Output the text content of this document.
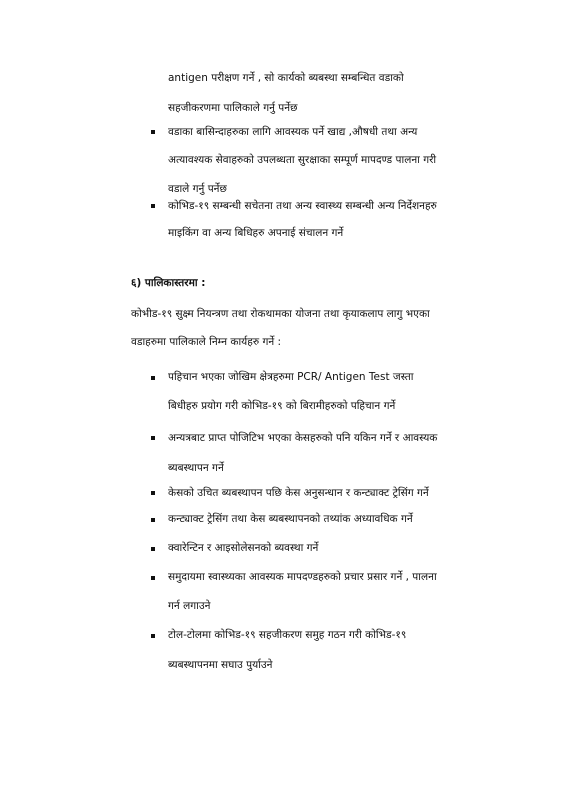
antigen परीक्षण गर्ने , सो कार्यको ब्यबस्था सम्बन्धित वडाको

सहजीकरणमा पालिकाले गर्नु पर्नेछ

वडाका बासिन्दाहरुका लागि आवस्यक पर्ने खाद्य ,औषधी तथा अन्य

अत्यावश्यक सेवाहरुको उपलब्धता सुरक्षाका सम्पूर्ण मापदण्ड पालना गरी

वडाले गर्नु पर्नेछ

कोभिड-१९ सम्बन्धी सचेतना तथा अन्य स्वास्थ्य सम्बन्धी अन्य निर्देशनहरु

माइकिंग वा अन्य बिधिहरु अपनाई संचालन गर्ने

६) पालिकास्तरमा :

कोभीड-१९ सुक्ष्म नियन्त्रण तथा रोकथामका योजना तथा कृयाकलाप लागु भएका

वडाहरुमा पालिकाले निम्न कार्यहरु गर्ने :

पहिचान भएका जोखिम क्षेत्रहरुमा PCR/ Antigen Test जस्ता

बिधीहरु प्रयोग गरी कोभिड-१९ को बिरामीहरुको पहिचान गर्ने

अन्यत्रबाट प्राप्त पोजिटिभ भएका केसहरुको पनि यकिन गर्ने र आवस्यक

ब्यबस्थापन गर्ने

केसको उचित ब्यबस्थापन पछि केस अनुसन्धान र कन्ट्याक्ट ट्रेसिंग गर्ने

कन्ट्याक्ट ट्रेसिंग तथा केस ब्यबस्थापनको तथ्यांक अध्यावधिक गर्ने

क्वारेन्टिन र आइसोलेसनको ब्यवस्था गर्ने

समुदायमा स्वास्थ्यका आवस्यक मापदण्डहरुको प्रचार प्रसार गर्ने , पालना

गर्न लगाउने

टोल-टोलमा कोभिड-१९ सहजीकरण समुह गठन गरी कोभिड-१९

ब्यबस्थापनमा सघाउ पुर्याउने
